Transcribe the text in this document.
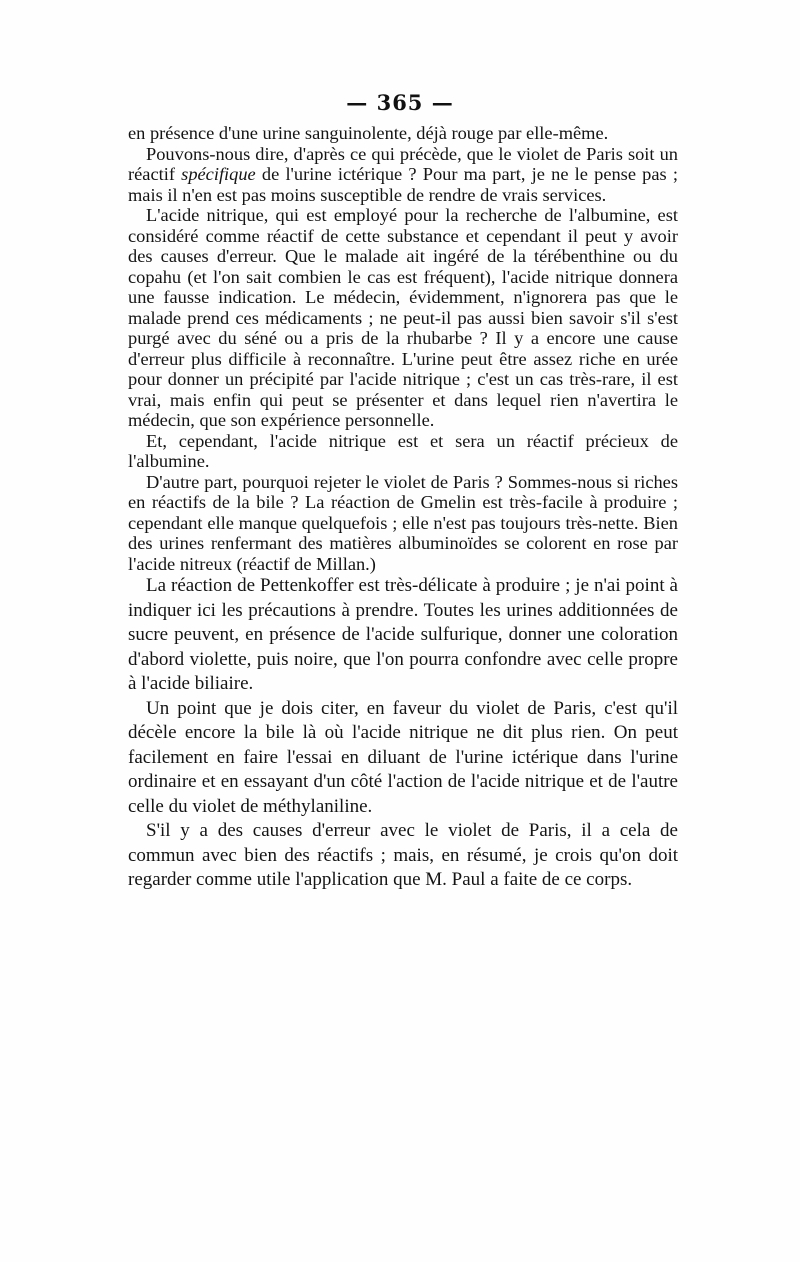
— 365 —

en présence d'une urine sanguinolente, déjà rouge par elle-même.

Pouvons-nous dire, d'après ce qui précède, que le violet de Paris soit un réactif spécifique de l'urine ictérique ? Pour ma part, je ne le pense pas ; mais il n'en est pas moins susceptible de rendre de vrais services.

L'acide nitrique, qui est employé pour la recherche de l'albumine, est considéré comme réactif de cette substance et cependant il peut y avoir des causes d'erreur. Que le malade ait ingéré de la térébenthine ou du copahu (et l'on sait combien le cas est fréquent), l'acide nitrique donnera une fausse indication. Le médecin, évidemment, n'ignorera pas que le malade prend ces médicaments ; ne peut-il pas aussi bien savoir s'il s'est purgé avec du séné ou a pris de la rhubarbe ? Il y a encore une cause d'erreur plus difficile à reconnaître. L'urine peut être assez riche en urée pour donner un précipité par l'acide nitrique ; c'est un cas très-rare, il est vrai, mais enfin qui peut se présenter et dans lequel rien n'avertira le médecin, que son expérience personnelle.

Et, cependant, l'acide nitrique est et sera un réactif précieux de l'albumine.

D'autre part, pourquoi rejeter le violet de Paris ? Sommes-nous si riches en réactifs de la bile ? La réaction de Gmelin est très-facile à produire ; cependant elle manque quelquefois ; elle n'est pas toujours très-nette. Bien des urines renfermant des matières albuminoïdes se colorent en rose par l'acide nitreux (réactif de Millan.)

La réaction de Pettenkoffer est très-délicate à produire ; je n'ai point à indiquer ici les précautions à prendre. Toutes les urines additionnées de sucre peuvent, en présence de l'acide sulfurique, donner une coloration d'abord violette, puis noire, que l'on pourra confondre avec celle propre à l'acide biliaire.

Un point que je dois citer, en faveur du violet de Paris, c'est qu'il décèle encore la bile là où l'acide nitrique ne dit plus rien. On peut facilement en faire l'essai en diluant de l'urine ictérique dans l'urine ordinaire et en essayant d'un côté l'action de l'acide nitrique et de l'autre celle du violet de méthylaniline.

S'il y a des causes d'erreur avec le violet de Paris, il a cela de commun avec bien des réactifs ; mais, en résumé, je crois qu'on doit regarder comme utile l'application que M. Paul a faite de ce corps.
